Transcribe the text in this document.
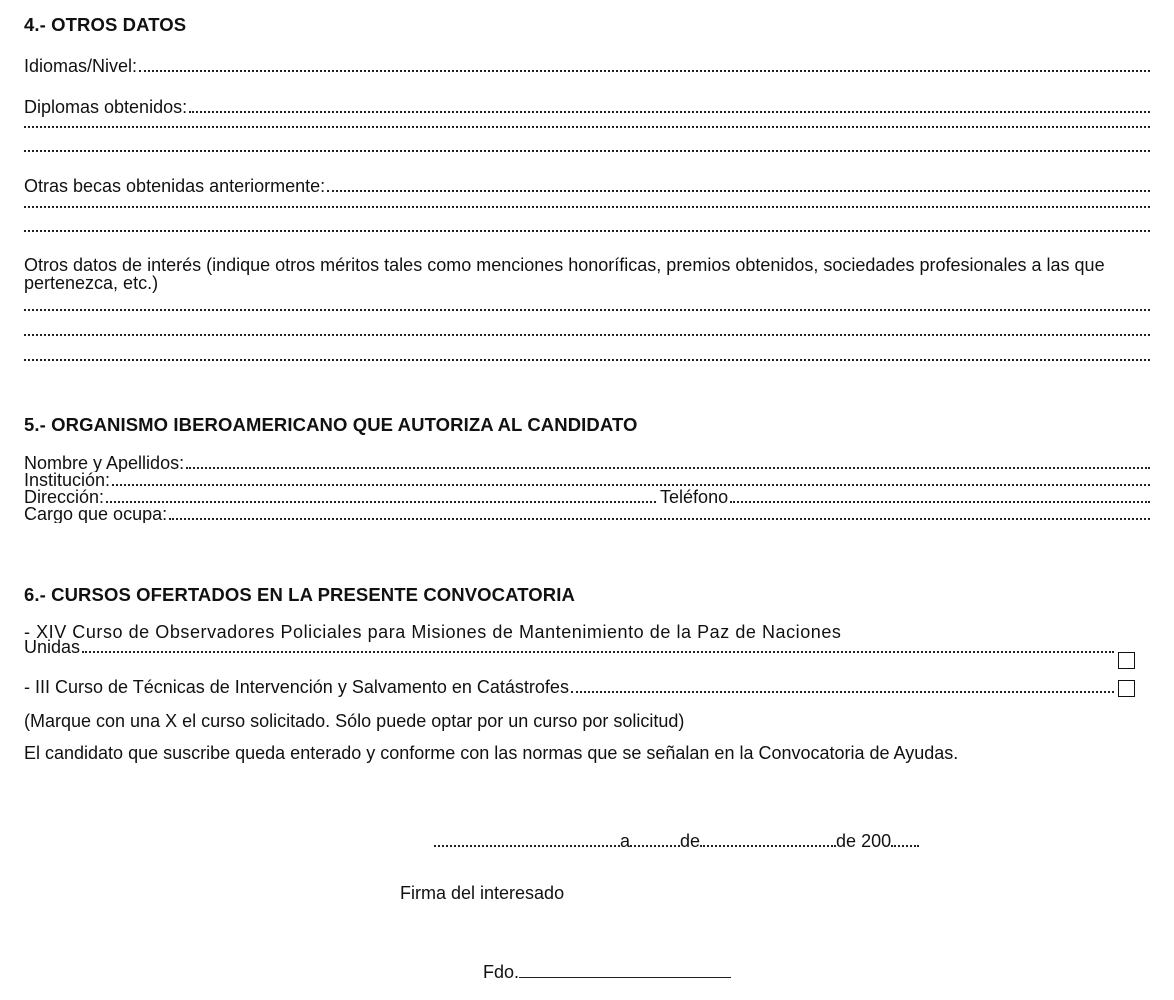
4.- OTROS DATOS
Idiomas/Nivel:
Diplomas obtenidos:
Otras becas obtenidas anteriormente:
Otros datos de interés (indique otros méritos tales como menciones honoríficas, premios obtenidos, sociedades profesionales a las que pertenezca, etc.)
5.- ORGANISMO IBEROAMERICANO QUE AUTORIZA AL CANDIDATO
Nombre y Apellidos:
Institución:
Dirección:	Teléfono
Cargo que ocupa:
6.- CURSOS OFERTADOS EN LA PRESENTE CONVOCATORIA
- XIV Curso de Observadores Policiales para Misiones de Mantenimiento de la Paz de Naciones
Unidas
- III Curso de Técnicas de Intervención y Salvamento en Catástrofes
(Marque con una X el curso solicitado. Sólo puede optar por un curso por solicitud)
El candidato que suscribe queda enterado y conforme con las normas que se señalan en la Convocatoria de Ayudas.
a	de	de 200
Firma del interesado
Fdo.
